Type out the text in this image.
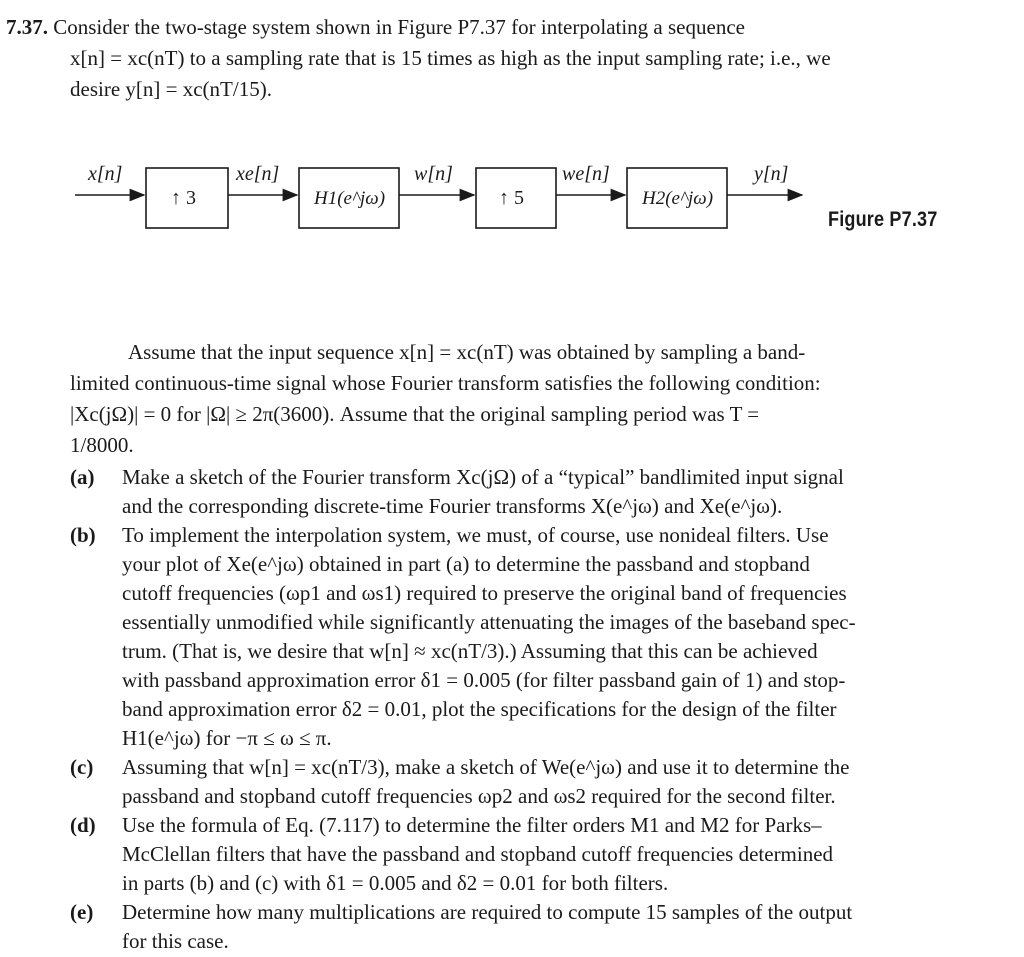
7.37. Consider the two-stage system shown in Figure P7.37 for interpolating a sequence
x[n] = xc(nT) to a sampling rate that is 15 times as high as the input sampling rate; i.e., we
desire y[n] = xc(nT/15).
x[n]
↑ 3
xe[n]
H1(e^jω)
w[n]
↑ 5
we[n]
H2(e^jω)
y[n]
Figure P7.37
Assume that the input sequence x[n] = xc(nT) was obtained by sampling a band-
limited continuous-time signal whose Fourier transform satisfies the following condition:
|Xc(jΩ)| = 0 for |Ω| ≥ 2π(3600). Assume that the original sampling period was T =
1/8000.
(a) Make a sketch of the Fourier transform Xc(jΩ) of a “typical” bandlimited input signal
and the corresponding discrete-time Fourier transforms X(e^jω) and Xe(e^jω).
(b) To implement the interpolation system, we must, of course, use nonideal filters. Use
your plot of Xe(e^jω) obtained in part (a) to determine the passband and stopband
cutoff frequencies (ωp1 and ωs1) required to preserve the original band of frequencies
essentially unmodified while significantly attenuating the images of the baseband spec-
trum. (That is, we desire that w[n] ≈ xc(nT/3).) Assuming that this can be achieved
with passband approximation error δ1 = 0.005 (for filter passband gain of 1) and stop-
band approximation error δ2 = 0.01, plot the specifications for the design of the filter
H1(e^jω) for −π ≤ ω ≤ π.
(c) Assuming that w[n] = xc(nT/3), make a sketch of We(e^jω) and use it to determine the
passband and stopband cutoff frequencies ωp2 and ωs2 required for the second filter.
(d) Use the formula of Eq. (7.117) to determine the filter orders M1 and M2 for Parks–
McClellan filters that have the passband and stopband cutoff frequencies determined
in parts (b) and (c) with δ1 = 0.005 and δ2 = 0.01 for both filters.
(e) Determine how many multiplications are required to compute 15 samples of the output
for this case.
